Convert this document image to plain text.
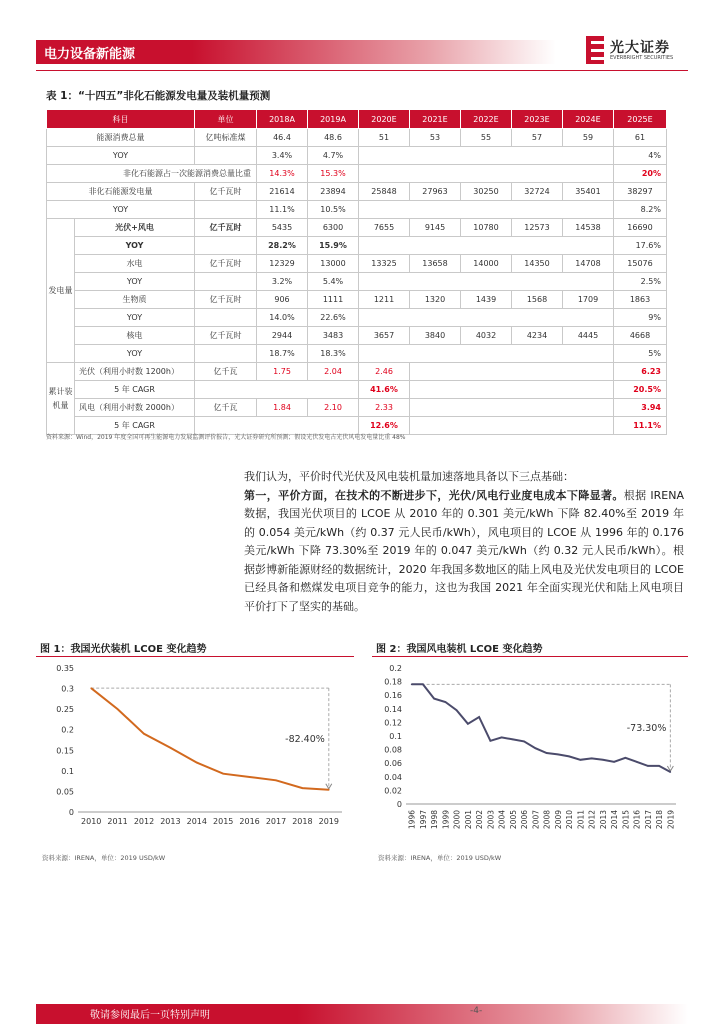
电力设备新能源	光大证券
EVERBRIGHT SECURITIES
表 1：“十四五”非化石能源发电量及装机量预测
科目		单位	2018A	2019A	2020E	2021E	2022E	2023E	2024E	2025E
能源消费总量		亿吨标准煤	46.4	48.6	51	53	55	57	59	61
YOY			3.4%	4.7%						4%
非化石能源占一次能源消费总量比重			14.3%	15.3%						20%
非化石能源发电量		亿千瓦时	21614	23894	25848	27963	30250	32724	35401	38297
YOY			11.1%	10.5%						8.2%
发电量	光伏+风电	亿千瓦时	5435	6300	7655	9145	10780	12573	14538	16690
	YOY		28.2%	15.9%						17.6%
	水电	亿千瓦时	12329	13000	13325	13658	14000	14350	14708	15076
	YOY		3.2%	5.4%						2.5%
	生物质	亿千瓦时	906	1111	1211	1320	1439	1568	1709	1863
	YOY		14.0%	22.6%						9%
	核电	亿千瓦时	2944	3483	3657	3840	4032	4234	4445	4668
	YOY		18.7%	18.3%						5%
累计装机量	光伏（利用小时数 1200h）	亿千瓦	1.75	2.04	2.46					6.23
	5 年 CAGR				41.6%					20.5%
	风电（利用小时数 2000h）	亿千瓦	1.84	2.10	2.33					3.94
	5 年 CAGR				12.6%					11.1%
资料来源：Wind，2019 年度全国可再生能源电力发展监测评价报告，光大证券研究所预测；假设光伏发电占光伏风电发电量比重 48%

我们认为，平价时代光伏及风电装机量加速落地具备以下三点基础：

第一，平价方面，在技术的不断进步下，光伏/风电行业度电成本下降显著。根据 IRENA 数据，我国光伏项目的 LCOE 从 2010 年的 0.301 美元/kWh 下降 82.40%至 2019 年的 0.054 美元/kWh（约 0.37 元人民币/kWh），风电项目的 LCOE 从 1996 年的 0.176 美元/kWh 下降 73.30%至 2019 年的 0.047 美元/kWh（约 0.32 元人民币/kWh）。根据彭博新能源财经的数据统计，2020 年我国多数地区的陆上风电及光伏发电项目的 LCOE 已经具备和燃煤发电项目竞争的能力，这也为我国 2021 年全面实现光伏和陆上风电项目平价打下了坚实的基础。

图 1：我国光伏装机 LCOE 变化趋势
0
0.05
0.1
0.15
0.2
0.25
0.3
0.35
2010 2011 2012 2013 2014 2015 2016 2017 2018 2019
-82.40%
资料来源：IRENA，单位：2019 USD/kW
图 2：我国风电装机 LCOE 变化趋势
0
0.02
0.04
0.06
0.08
0.1
0.12
0.14
0.16
0.18
0.2
1996 1997 1998 1999 2000 2001 2002 2003 2004 2005 2006 2007 2008 2009 2010 2011 2012 2013 2014 2015 2016 2017 2018 2019
-73.30%
资料来源：IRENA，单位：2019 USD/kW
敬请参阅最后一页特别声明	-4-
